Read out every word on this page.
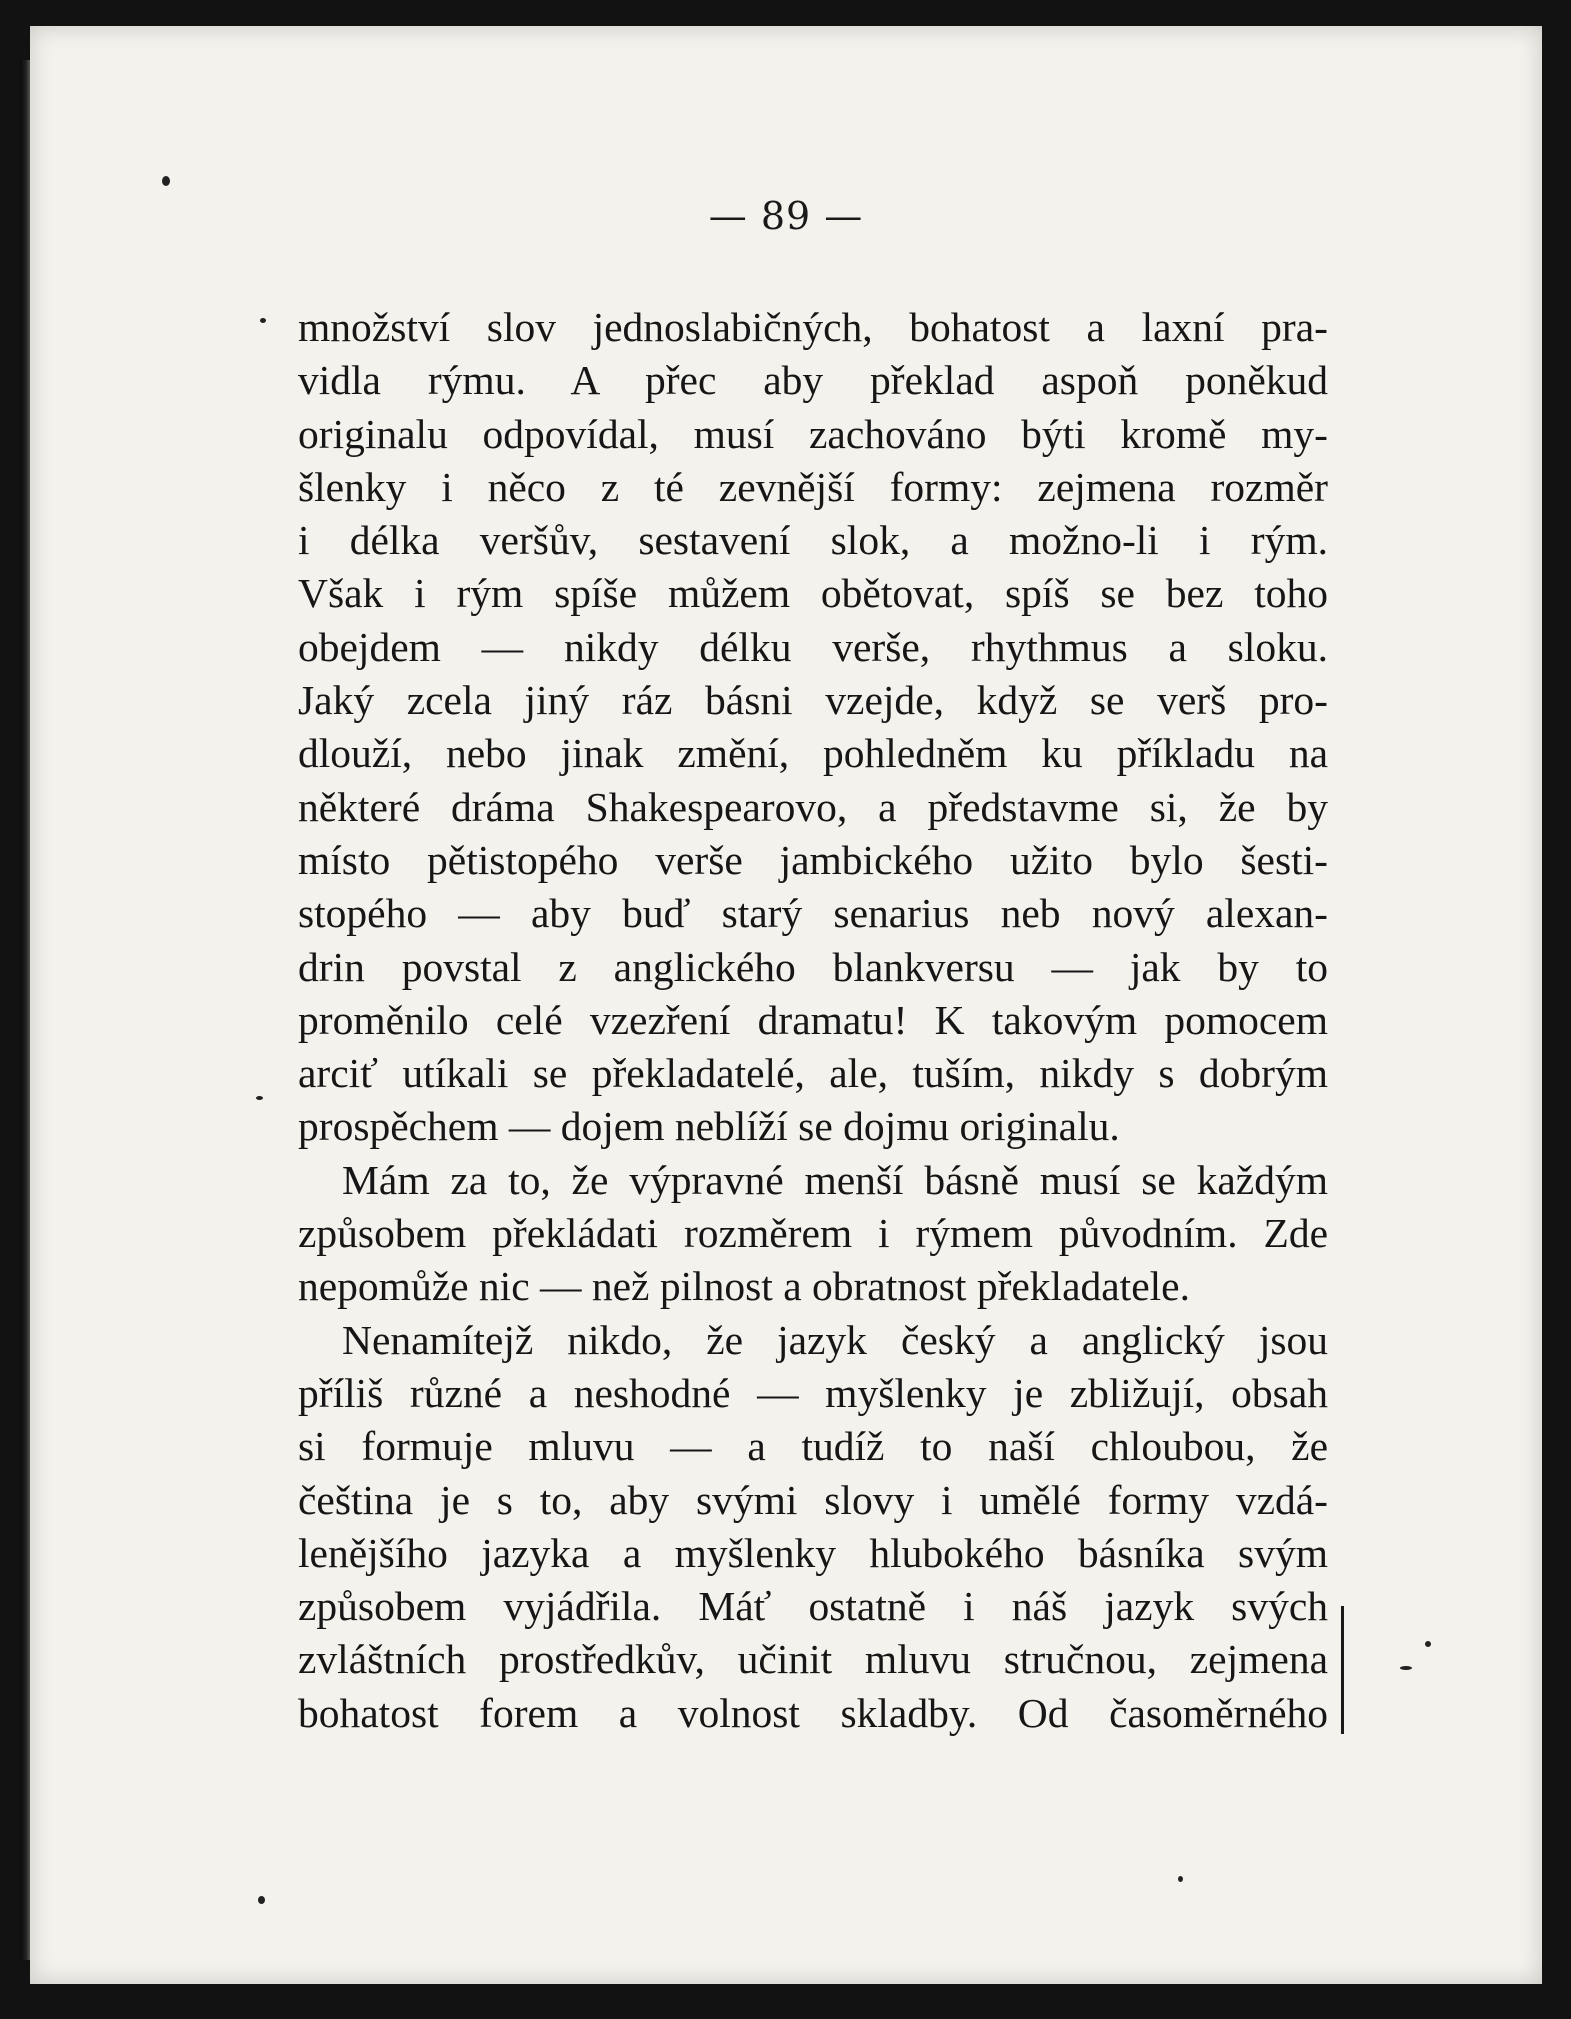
— 89 —
množství slov jednoslabičných, bohatost a laxní pra-
vidla rýmu. A přec aby překlad aspoň poněkud
originalu odpovídal, musí zachováno býti kromě my-
šlenky i něco z té zevnější formy: zejmena rozměr
i délka veršův, sestavení slok, a možno-li i rým.
Však i rým spíše můžem obětovat, spíš se bez toho
obejdem — nikdy délku verše, rhythmus a sloku.
Jaký zcela jiný ráz básni vzejde, když se verš pro-
dlouží, nebo jinak změní, pohledněm ku příkladu na
některé dráma Shakespearovo, a představme si, že by
místo pětistopého verše jambického užito bylo šesti-
stopého — aby buď starý senarius neb nový alexan-
drin povstal z anglického blankversu — jak by to
proměnilo celé vzezření dramatu! K takovým pomocem
arciť utíkali se překladatelé, ale, tuším, nikdy s dobrým
prospěchem — dojem neblíží se dojmu originalu.
Mám za to, že výpravné menší básně musí se každým
způsobem překládati rozměrem i rýmem původním. Zde
nepomůže nic — než pilnost a obratnost překladatele.
Nenamítejž nikdo, že jazyk český a anglický jsou
příliš různé a neshodné — myšlenky je zbližují, obsah
si formuje mluvu — a tudíž to naší chloubou, že
čeština je s to, aby svými slovy i umělé formy vzdá-
lenějšího jazyka a myšlenky hlubokého básníka svým
způsobem vyjádřila. Máť ostatně i náš jazyk svých
zvláštních prostředkův, učinit mluvu stručnou, zejmena
bohatost forem a volnost skladby. Od časoměrného
